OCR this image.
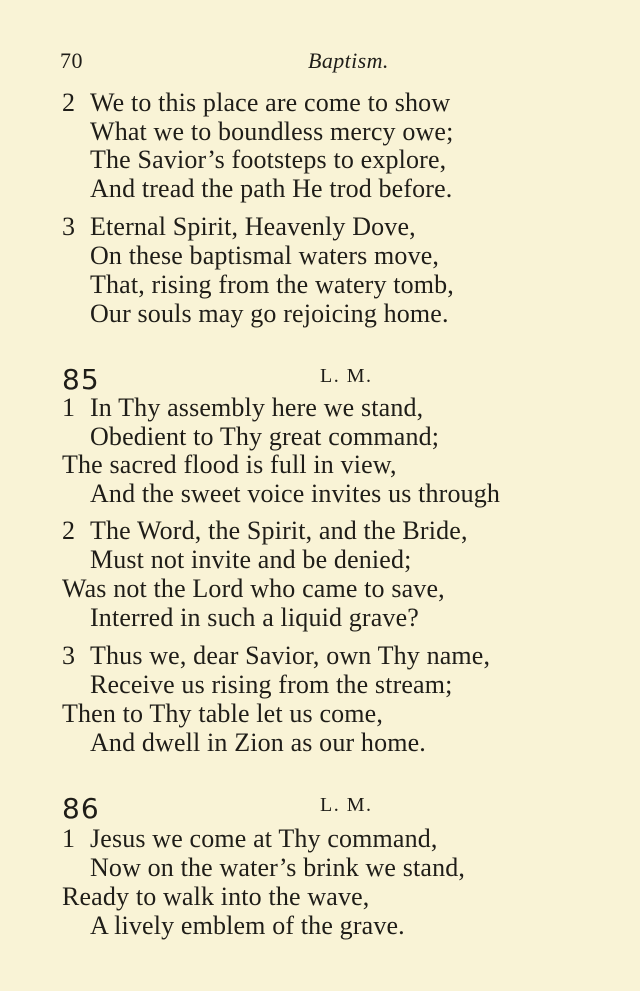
70	Baptism.
2 We to this place are come to show
What we to boundless mercy owe;
The Savior’s footsteps to explore,
And tread the path He trod before.
3 Eternal Spirit, Heavenly Dove,
On these baptismal waters move,
That, rising from the watery tomb,
Our souls may go rejoicing home.
85	L. M.
1 In Thy assembly here we stand,
Obedient to Thy great command;
The sacred flood is full in view,
And the sweet voice invites us through
2 The Word, the Spirit, and the Bride,
Must not invite and be denied;
Was not the Lord who came to save,
Interred in such a liquid grave?
3 Thus we, dear Savior, own Thy name,
Receive us rising from the stream;
Then to Thy table let us come,
And dwell in Zion as our home.
86	L. M.
1 Jesus we come at Thy command,
Now on the water’s brink we stand,
Ready to walk into the wave,
A lively emblem of the grave.
